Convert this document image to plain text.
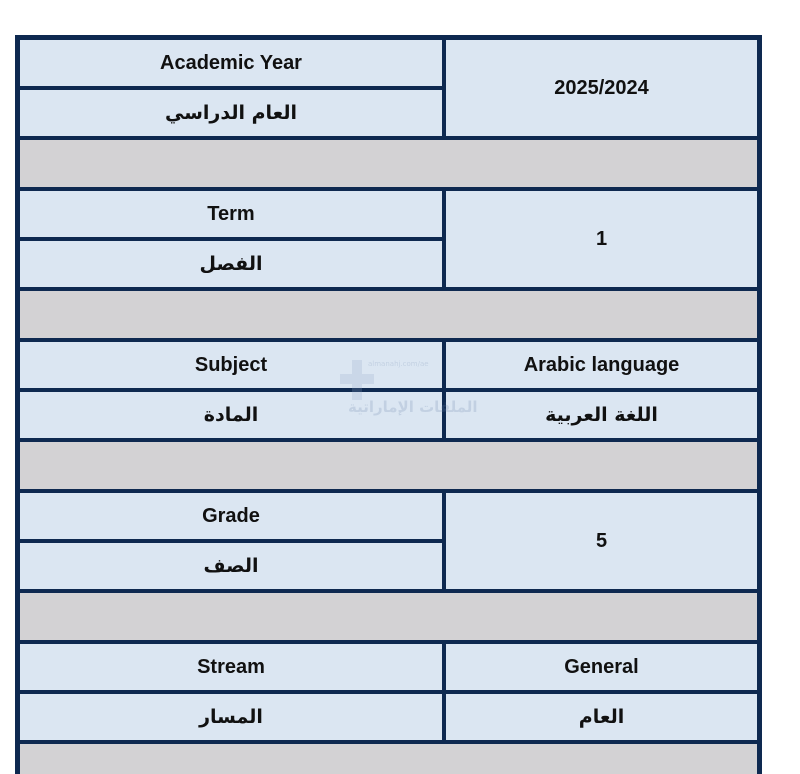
Academic Year
العام الدراسي
2025/2024
Term
الفصل
1
Subject
المادة
Arabic language
اللغة العربية
Grade
الصف
5
Stream
المسار
General
العام
almanahj.com/ae
الملفات الإماراتية
